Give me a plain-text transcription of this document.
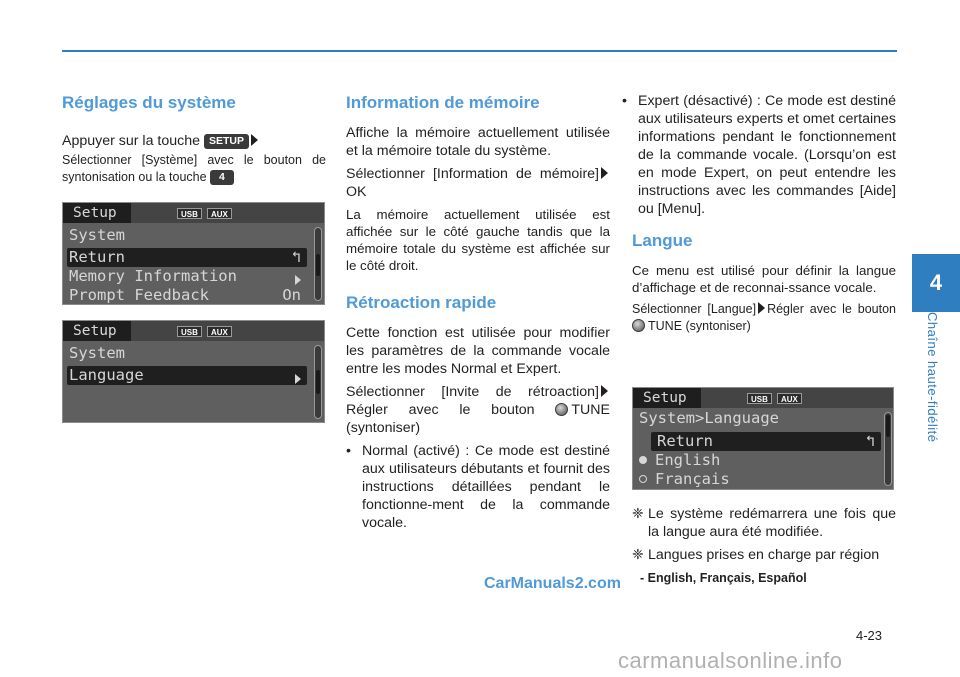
4
Chaîne haute-fidélité
Réglages du système

Appuyer sur la touche SETUP

Sélectionner [Système] avec le bouton de syntonisation ou la touche 4

Setup	USB	AUX
System
Return	↰
Memory Information
Prompt Feedback	On
Setup	USB	AUX
System
Language
Information de mémoire

Affiche la mémoire actuellement utilisée et la mémoire totale du système.

Sélectionner [Information de mémoire]OK

La mémoire actuellement utilisée est affichée sur le côté gauche tandis que la mémoire totale du système est affichée sur le côté droit.

Rétroaction rapide

Cette fonction est utilisée pour modifier les paramètres de la commande vocale entre les modes Normal et Expert.

Sélectionner [Invite de rétroaction] Régler avec le bouton	TUNE (syntoniser)

• Normal (activé) : Ce mode est destiné aux utilisateurs débutants et fournit des instructions détaillées pendant le fonctionne-ment de la commande vocale.

• Expert (désactivé) : Ce mode est destiné aux utilisateurs experts et omet certaines informations pendant le fonctionnement de la commande vocale. (Lorsqu’on est en mode Expert, on peut entendre les instructions avec les commandes [Aide] ou [Menu].

Langue

Ce menu est utilisé pour définir la langue d’affichage et de reconnai-ssance vocale.

Sélectionner [Langue] Régler avec le bouton TUNE (syntoniser)

Setup	USB	AUX
System>Language
Return	↰
English
Français

❈ Le système redémarrera une fois que la langue aura été modifiée.

❈ Langues prises en charge par région

- English, Français, Español

CarManuals2.com
4-23
carmanualsonline.info
